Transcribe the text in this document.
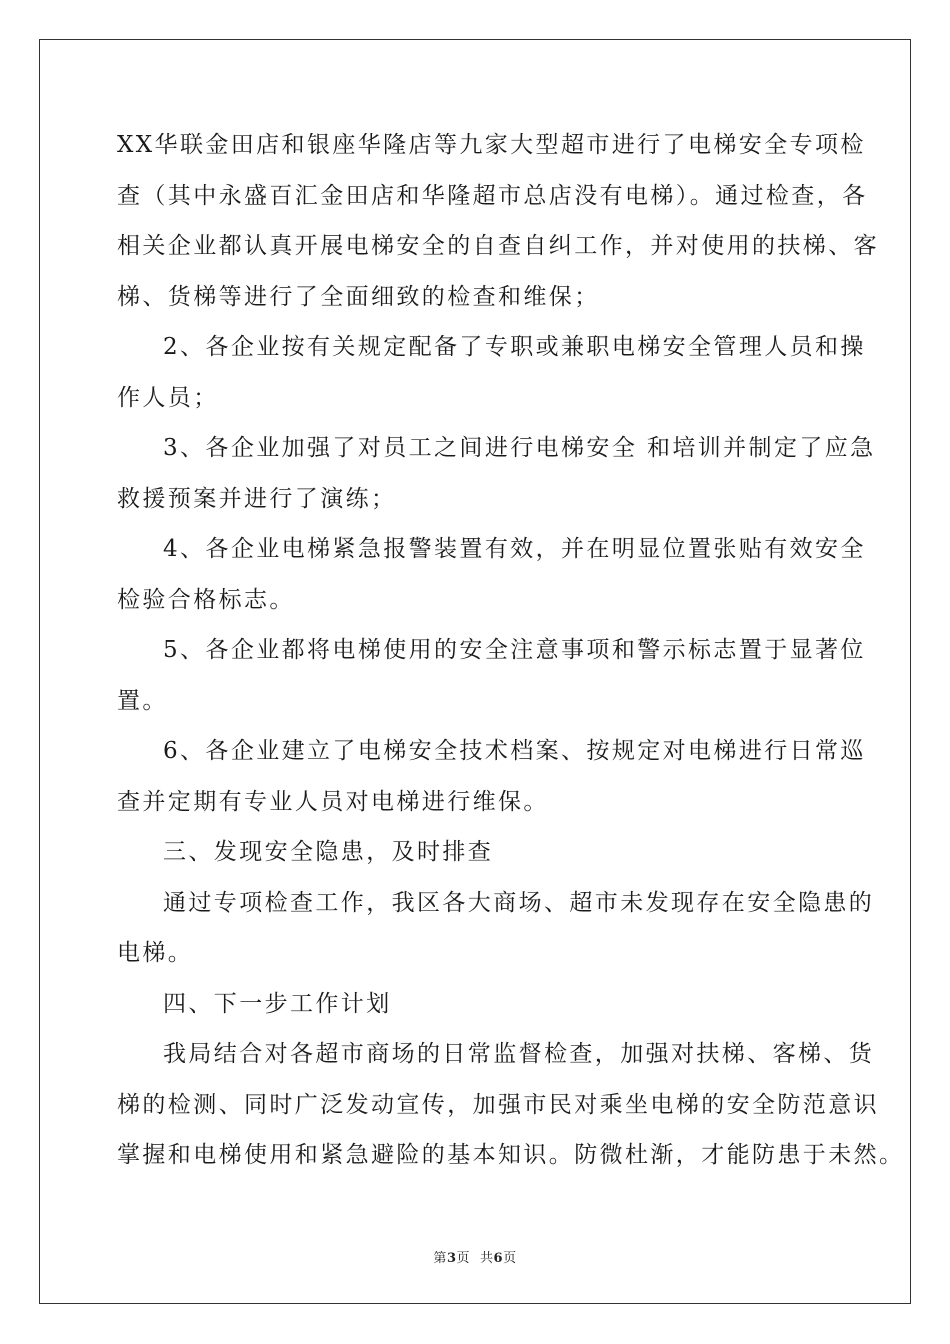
XX华联金田店和银座华隆店等九家大型超市进行了电梯安全专项检
查（其中永盛百汇金田店和华隆超市总店没有电梯）。通过检查，各
相关企业都认真开展电梯安全的自查自纠工作，并对使用的扶梯、客
梯、货梯等进行了全面细致的检查和维保；
2、各企业按有关规定配备了专职或兼职电梯安全管理人员和操
作人员；
3、各企业加强了对员工之间进行电梯安全 和培训并制定了应急
救援预案并进行了演练；
4、各企业电梯紧急报警装置有效，并在明显位置张贴有效安全
检验合格标志。
5、各企业都将电梯使用的安全注意事项和警示标志置于显著位
置。
6、各企业建立了电梯安全技术档案、按规定对电梯进行日常巡
查并定期有专业人员对电梯进行维保。
三、发现安全隐患，及时排查
通过专项检查工作，我区各大商场、超市未发现存在安全隐患的
电梯。
四、下一步工作计划
我局结合对各超市商场的日常监督检查，加强对扶梯、客梯、货
梯的检测、同时广泛发动宣传，加强市民对乘坐电梯的安全防范意识
掌握和电梯使用和紧急避险的基本知识。防微杜渐，才能防患于未然。
第3页 共6页
